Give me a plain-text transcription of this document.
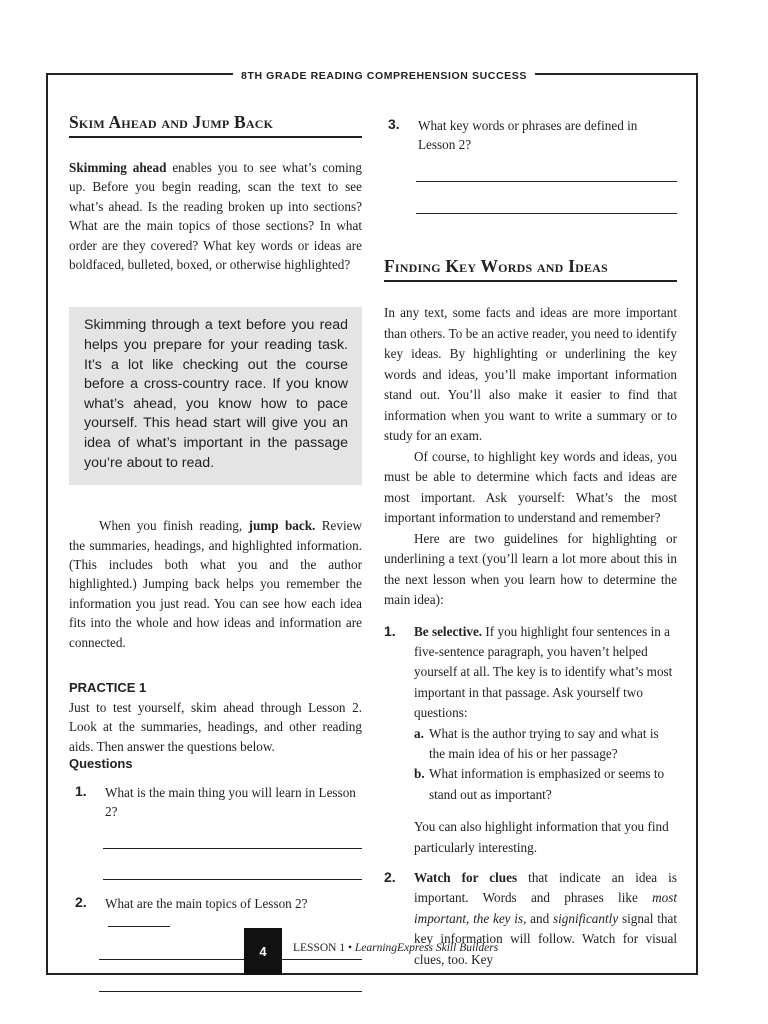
8TH GRADE READING COMPREHENSION SUCCESS
Skim Ahead and Jump Back

Skimming ahead enables you to see what’s coming up. Before you begin reading, scan the text to see what’s ahead. Is the reading broken up into sections? What are the main topics of those sections? In what order are they covered? What key words or ideas are boldfaced, bulleted, boxed, or otherwise highlighted?

Skimming through a text before you read helps you prepare for your reading task. It’s a lot like checking out the course before a cross-country race. If you know what’s ahead, you know how to pace yourself. This head start will give you an idea of what’s important in the passage you’re about to read.

When you finish reading, jump back. Review the summaries, headings, and highlighted information. (This includes both what you and the author highlighted.) Jumping back helps you remember the information you just read. You can see how each idea fits into the whole and how ideas and information are connected.

PRACTICE 1

Just to test yourself, skim ahead through Lesson 2. Look at the summaries, headings, and other reading aids. Then answer the questions below.

Questions
1.	What is the main thing you will learn in Lesson 2?
2.	What are the main topics of Lesson 2?
3.	What key words or phrases are defined in Lesson 2?
Finding Key Words and Ideas

In any text, some facts and ideas are more important than others. To be an active reader, you need to identify key ideas. By highlighting or underlining the key words and ideas, you’ll make important information stand out. You’ll also make it easier to find that information when you want to write a summary or to study for an exam.

Of course, to highlight key words and ideas, you must be able to determine which facts and ideas are most important. Ask yourself: What’s the most important information to understand and remember?

Here are two guidelines for highlighting or underlining a text (you’ll learn a lot more about this in the next lesson when you learn how to determine the main idea):

1.	Be selective. If you highlight four sentences in a five-sentence paragraph, you haven’t helped yourself at all. The key is to identify what’s most important in that passage. Ask yourself two questions:
a. What is the author trying to say and what is the main idea of his or her passage?
b. What information is emphasized or seems to stand out as important?
You can also highlight information that you find particularly interesting.
2.	Watch for clues that indicate an idea is important. Words and phrases like most important, the key is, and significantly signal that key information will follow. Watch for visual clues, too. Key
4	LESSON 1 • LearningExpress Skill Builders
